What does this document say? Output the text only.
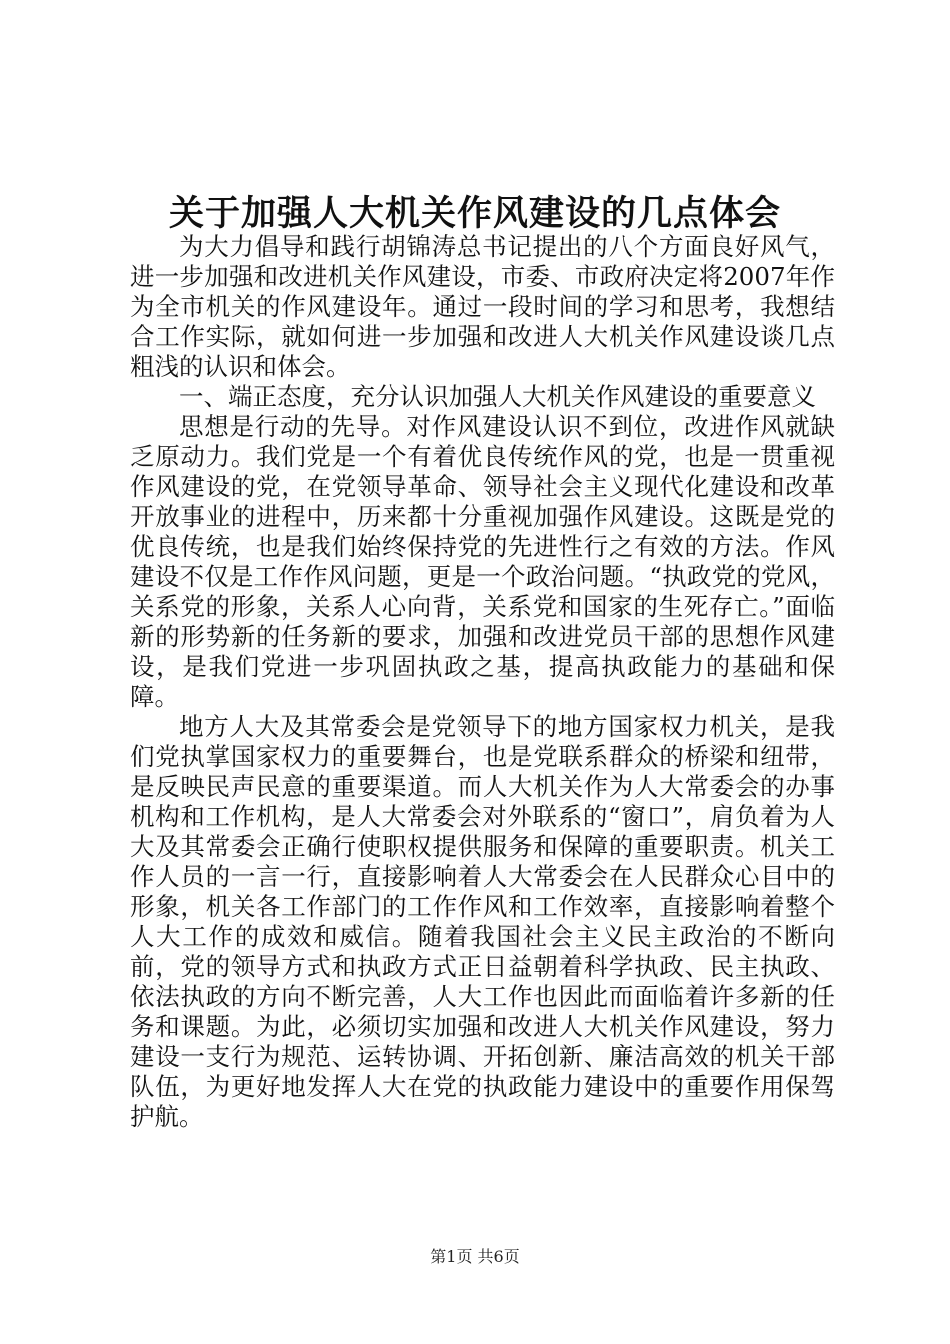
关于加强人大机关作风建设的几点体会

为大力倡导和践行胡锦涛总书记提出的八个方面良好风气，进一步加强和改进机关作风建设，市委、市政府决定将2007年作为全市机关的作风建设年。通过一段时间的学习和思考，我想结合工作实际，就如何进一步加强和改进人大机关作风建设谈几点粗浅的认识和体会。

一、端正态度，充分认识加强人大机关作风建设的重要意义

思想是行动的先导。对作风建设认识不到位，改进作风就缺乏原动力。我们党是一个有着优良传统作风的党，也是一贯重视作风建设的党，在党领导革命、领导社会主义现代化建设和改革开放事业的进程中，历来都十分重视加强作风建设。这既是党的优良传统，也是我们始终保持党的先进性行之有效的方法。作风建设不仅是工作作风问题，更是一个政治问题。“执政党的党风，关系党的形象，关系人心向背，关系党和国家的生死存亡。”面临新的形势新的任务新的要求，加强和改进党员干部的思想作风建设，是我们党进一步巩固执政之基，提高执政能力的基础和保障。

地方人大及其常委会是党领导下的地方国家权力机关，是我们党执掌国家权力的重要舞台，也是党联系群众的桥梁和纽带，是反映民声民意的重要渠道。而人大机关作为人大常委会的办事机构和工作机构，是人大常委会对外联系的“窗口”，肩负着为人大及其常委会正确行使职权提供服务和保障的重要职责。机关工作人员的一言一行，直接影响着人大常委会在人民群众心目中的形象，机关各工作部门的工作作风和工作效率，直接影响着整个人大工作的成效和威信。随着我国社会主义民主政治的不断向前，党的领导方式和执政方式正日益朝着科学执政、民主执政、依法执政的方向不断完善，人大工作也因此而面临着许多新的任务和课题。为此，必须切实加强和改进人大机关作风建设，努力建设一支行为规范、运转协调、开拓创新、廉洁高效的机关干部队伍，为更好地发挥人大在党的执政能力建设中的重要作用保驾护航。

第1页 共6页
